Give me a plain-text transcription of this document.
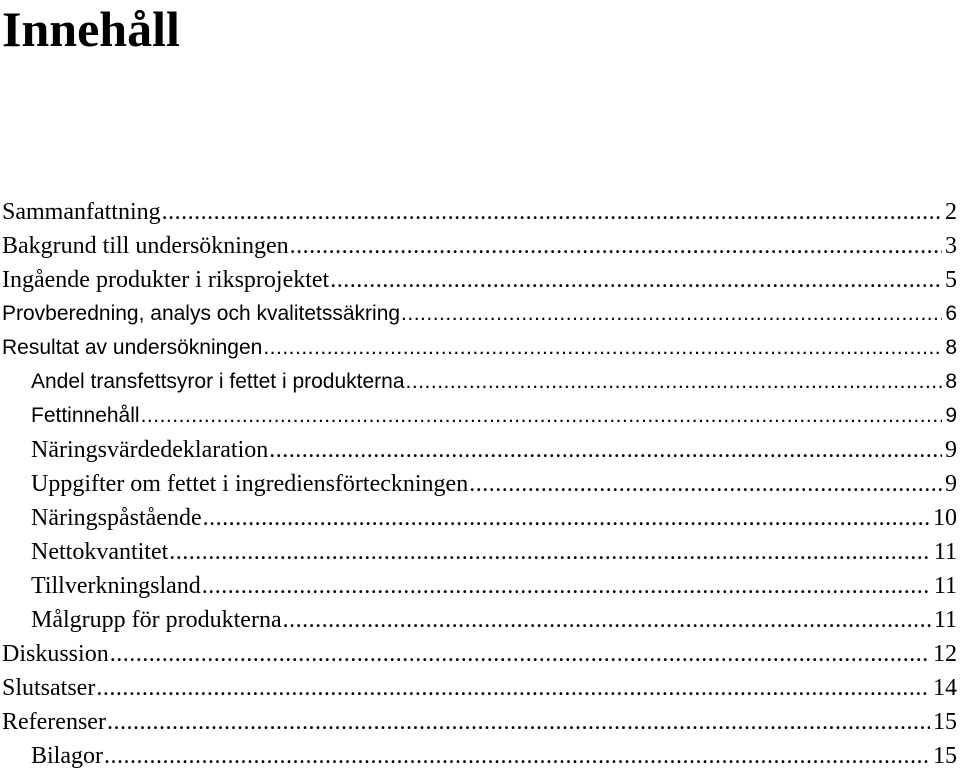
Innehåll
Sammanfattning .....	2
Bakgrund till undersökningen .....	3
Ingående produkter i riksprojektet .....	5
Provberedning, analys och kvalitetssäkring .....	6
Resultat av undersökningen .....	8
Andel transfettsyror i fettet i produkterna .....	8
Fettinnehåll .....	9
Näringsvärdedeklaration .....	9
Uppgifter om fettet i ingrediensförteckningen .....	9
Näringspåstående .....	10
Nettokvantitet .....	11
Tillverkningsland .....	11
Målgrupp för produkterna .....	11
Diskussion .....	12
Slutsatser .....	14
Referenser .....	15
Bilagor .....	15
